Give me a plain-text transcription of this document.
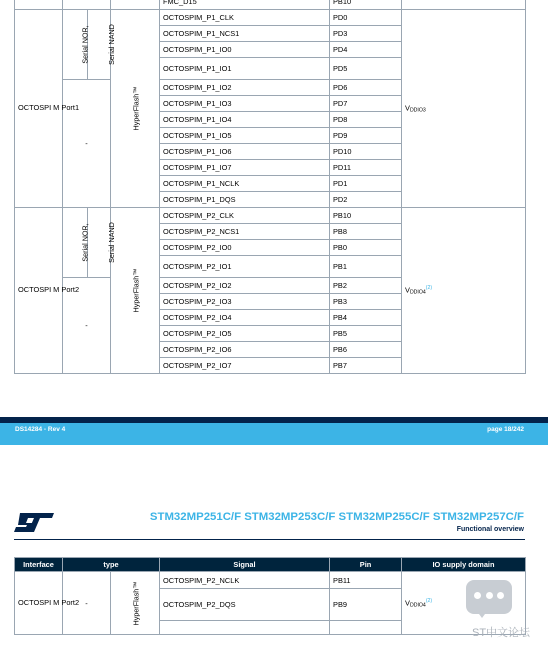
			FMC_D15	PB10	
OCTOSPI M Port1	Serial NOR,	Serial NAND	HyperFlash™	OCTOSPIM_P1_CLK	PD0	$V_{DDIO3}$
				OCTOSPIM_P1_NCS1	PD3	
				OCTOSPIM_P1_IO0	PD4	
				OCTOSPIM_P1_IO1	PD5	
	-			OCTOSPIM_P1_IO2	PD6	
				OCTOSPIM_P1_IO3	PD7	
				OCTOSPIM_P1_IO4	PD8	
				OCTOSPIM_P1_IO5	PD9	
				OCTOSPIM_P1_IO6	PD10	
				OCTOSPIM_P1_IO7	PD11	
				OCTOSPIM_P1_NCLK	PD1	
				OCTOSPIM_P1_DQS	PD2	
OCTOSPI M Port2	Serial NOR,	Serial NAND	HyperFlash™	OCTOSPIM_P2_CLK	PB10	$V_{DDIO4}^{(2)}$
				OCTOSPIM_P2_NCS1	PB8	
				OCTOSPIM_P2_IO0	PB0	
				OCTOSPIM_P2_IO1	PB1	
	-			OCTOSPIM_P2_IO2	PB2	
				OCTOSPIM_P2_IO3	PB3	
				OCTOSPIM_P2_IO4	PB4	
				OCTOSPIM_P2_IO5	PB5	
				OCTOSPIM_P2_IO6	PB6	
				OCTOSPIM_P2_IO7	PB7	
DS14284 - Rev 4	page 18/242
STM32MP251C/F STM32MP253C/F STM32MP255C/F STM32MP257C/F
Functional overview
Interface	type		Signal	Pin	IO supply domain
OCTOSPI M Port2	-	HyperFlash™	OCTOSPIM_P2_NCLK	PB11	$V_{DDIO4}^{(2)}$
			OCTOSPIM_P2_DQS	PB9	

ST中文论坛
